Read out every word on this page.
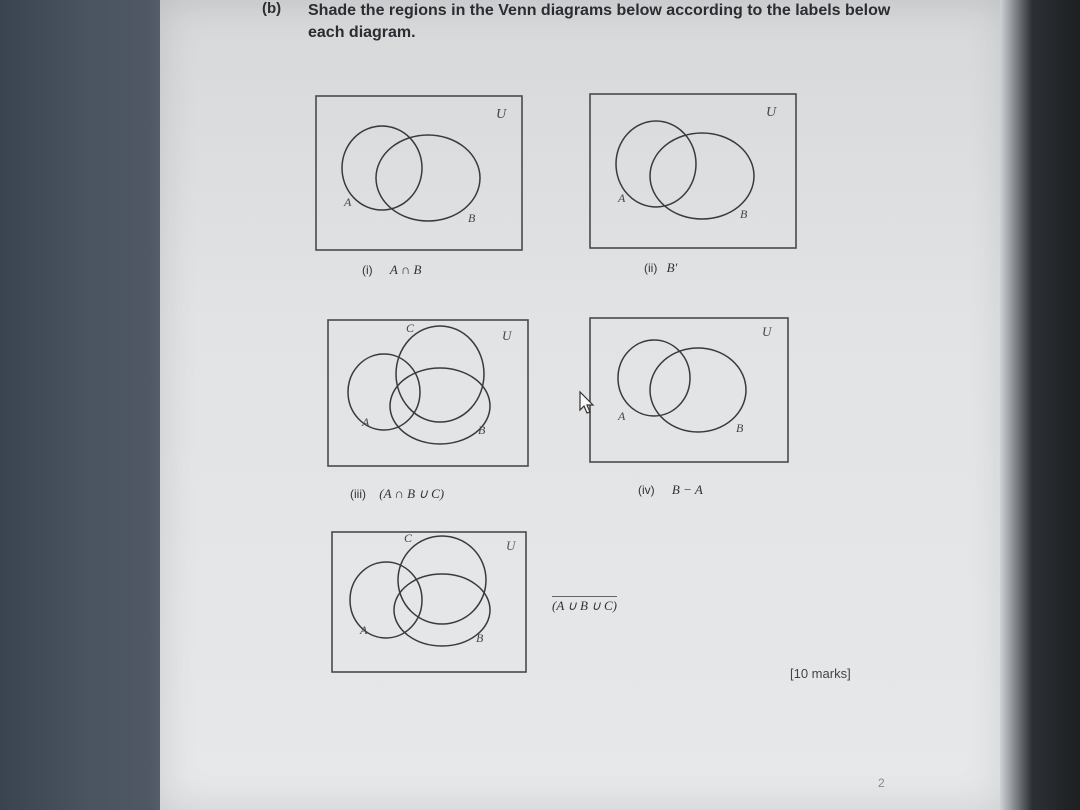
(b) Shade the regions in the Venn diagrams below according to the labels below each diagram.
U
A
B
(i) A ∩ B
U
A
B
(ii) B'
U
A
B
C
(iii) (A ∩ B ∪ C)
U
A
B
(iv) B − A
U
A
B
C
(A ∪ B ∪ C)
[10 marks]
2
